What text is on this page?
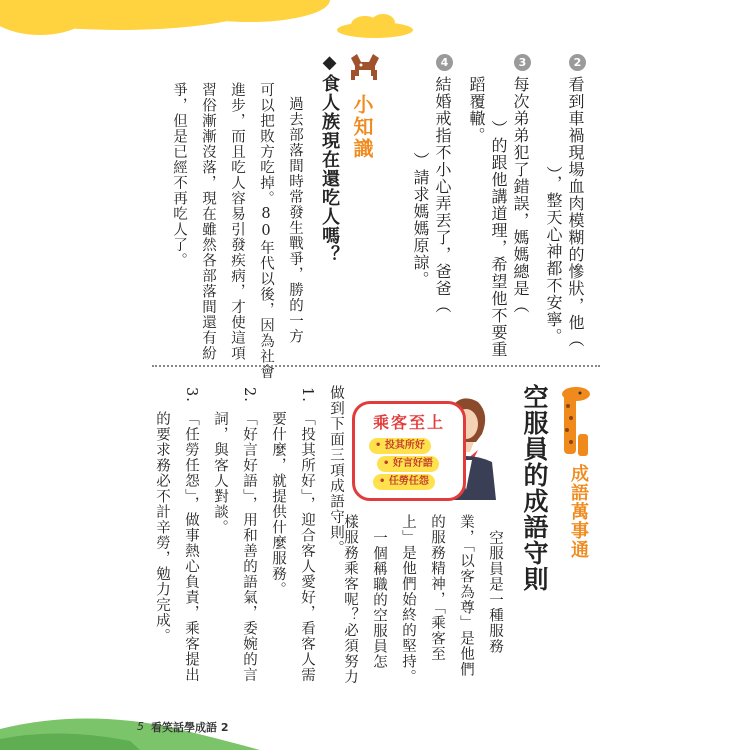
2
看到車禍現場血肉模糊的慘狀，他（
），整天心神都不安寧。
3
每次弟弟犯了錯誤，媽媽總是（
）的跟他講道理，希望他不要重
蹈覆轍。
4
結婚戒指不小心弄丟了，爸爸（
）請求媽媽原諒。
小知識
◆食人族現在還吃人嗎？
過去部落間時常發生戰爭，勝的一方
可以把敗方吃掉。80年代以後，因為社會
進步，而且吃人容易引發疾病，才使這項
習俗漸漸沒落，現在雖然各部落間還有紛
爭，但是已經不再吃人了。
成語萬事通
空服員的成語守則
空服員是一種服務
業，「以客為尊」是他們
的服務精神，「乘客至
上」是他們始終的堅持。
一個稱職的空服員怎
樣服務乘客呢？必須努力
乘客至上
• 投其所好
• 好言好語
• 任勞任怨
做到下面三項成語守則。
1.
「投其所好」，迎合客人愛好，看客人需
要什麼，就提供什麼服務。
2.
「好言好語」，用和善的語氣，委婉的言
詞，與客人對談。
3.
「任勞任怨」，做事熱心負責，乘客提出
的要求務必不計辛勞，勉力完成。
5 看笑話學成語 2
